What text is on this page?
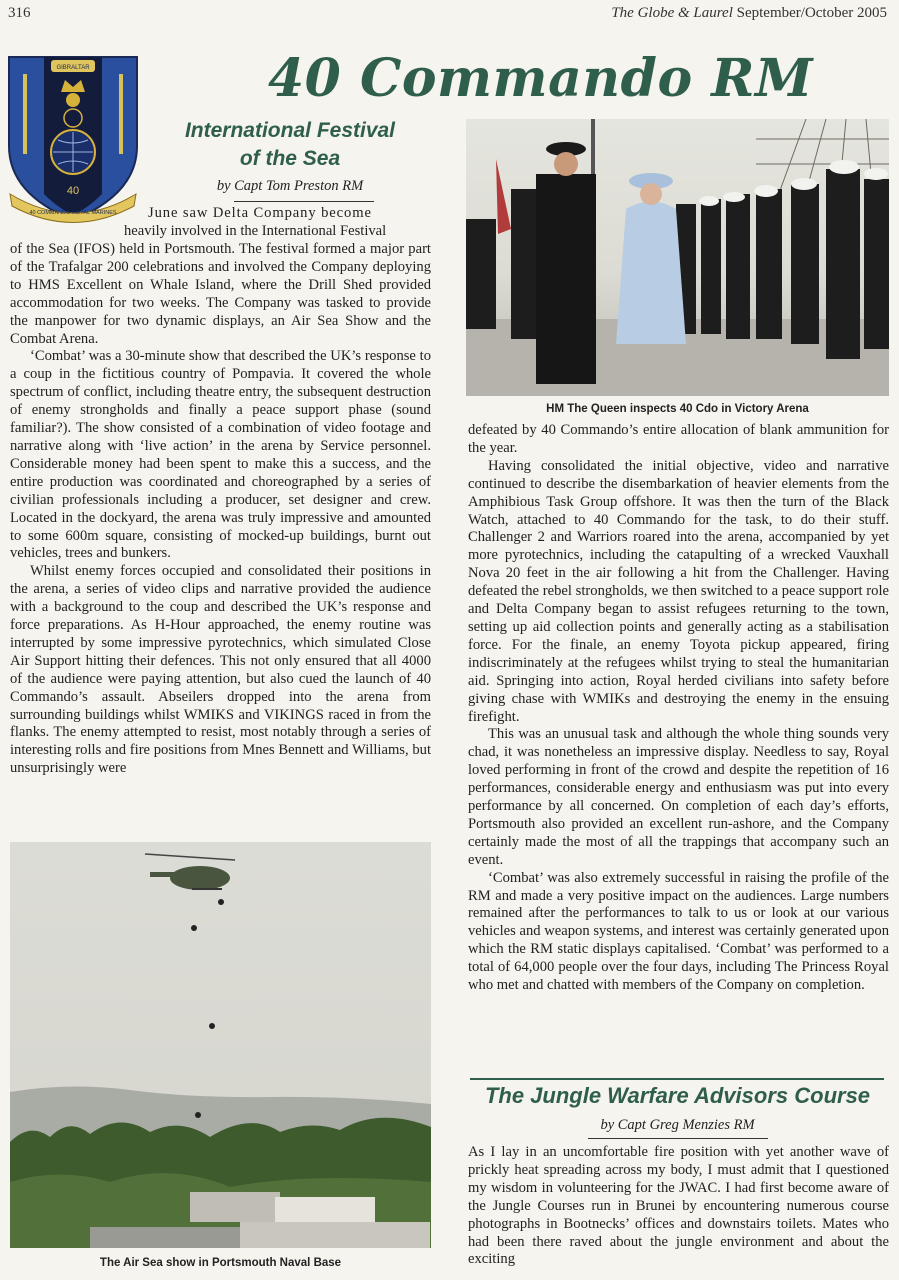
316	The Globe & Laurel September/October 2005
GIBRALTAR
40
40 COMMANDO ROYAL MARINES
40 Commando RM
International Festival
of the Sea
by Capt Tom Preston RM
June saw Delta Company become
heavily involved in the International Festival

of the Sea (IFOS) held in Portsmouth. The festival formed a major part of the Trafalgar 200 celebrations and involved the Company deploying to HMS Excellent on Whale Island, where the Drill Shed provided accommodation for two weeks. The Company was tasked to provide the manpower for two dynamic displays, an Air Sea Show and the Combat Arena.

‘Combat’ was a 30-minute show that described the UK’s response to a coup in the fictitious country of Pompavia. It covered the whole spectrum of conflict, including theatre entry, the subsequent destruction of enemy strongholds and finally a peace support phase (sound familiar?). The show consisted of a combination of video footage and narrative along with ‘live action’ in the arena by Service personnel. Considerable money had been spent to make this a success, and the entire production was coordinated and choreographed by a series of civilian professionals including a producer, set designer and crew. Located in the dockyard, the arena was truly impressive and amounted to some 600m square, consisting of mocked-up buildings, burnt out vehicles, trees and bunkers.

Whilst enemy forces occupied and consolidated their positions in the arena, a series of video clips and narrative provided the audience with a background to the coup and described the UK’s response and force preparations. As H-Hour approached, the enemy routine was interrupted by some impressive pyrotechnics, which simulated Close Air Support hitting their defences. This not only ensured that all 4000 of the audience were paying attention, but also cued the launch of 40 Commando’s assault. Abseilers dropped into the arena from surrounding buildings whilst WMIKS and VIKINGS raced in from the flanks. The enemy attempted to resist, most notably through a series of interesting rolls and fire positions from Mnes Bennett and Williams, but unsurprisingly were

The Air Sea show in Portsmouth Naval Base
HM The Queen inspects 40 Cdo in Victory Arena

defeated by 40 Commando’s entire allocation of blank ammunition for the year.

Having consolidated the initial objective, video and narrative continued to describe the disembarkation of heavier elements from the Amphibious Task Group offshore. It was then the turn of the Black Watch, attached to 40 Commando for the task, to do their stuff. Challenger 2 and Warriors roared into the arena, accompanied by yet more pyrotechnics, including the catapulting of a wrecked Vauxhall Nova 20 feet in the air following a hit from the Challenger. Having defeated the rebel strongholds, we then switched to a peace support role and Delta Company began to assist refugees returning to the town, setting up aid collection points and generally acting as a stabilisation force. For the finale, an enemy Toyota pickup appeared, firing indiscriminately at the refugees whilst trying to steal the humanitarian aid. Springing into action, Royal herded civilians into safety before giving chase with WMIKs and destroying the enemy in the ensuing firefight.

This was an unusual task and although the whole thing sounds very chad, it was nonetheless an impressive display. Needless to say, Royal loved performing in front of the crowd and despite the repetition of 16 performances, considerable energy and enthusiasm was put into every performance by all concerned. On completion of each day’s efforts, Portsmouth also provided an excellent run-ashore, and the Company certainly made the most of all the trappings that accompany such an event.

‘Combat’ was also extremely successful in raising the profile of the RM and made a very positive impact on the audiences. Large numbers remained after the performances to talk to us or look at our various vehicles and weapon systems, and interest was certainly generated upon which the RM static displays capitalised. ‘Combat’ was performed to a total of 64,000 people over the four days, including The Princess Royal who met and chatted with members of the Company on completion.

The Jungle Warfare Advisors Course
by Capt Greg Menzies RM

As I lay in an uncomfortable fire position with yet another wave of prickly heat spreading across my body, I must admit that I questioned my wisdom in volunteering for the JWAC. I had first become aware of the Jungle Courses run in Brunei by encountering numerous course photographs in Bootnecks’ offices and downstairs toilets. Mates who had been there raved about the jungle environment and about the exciting
